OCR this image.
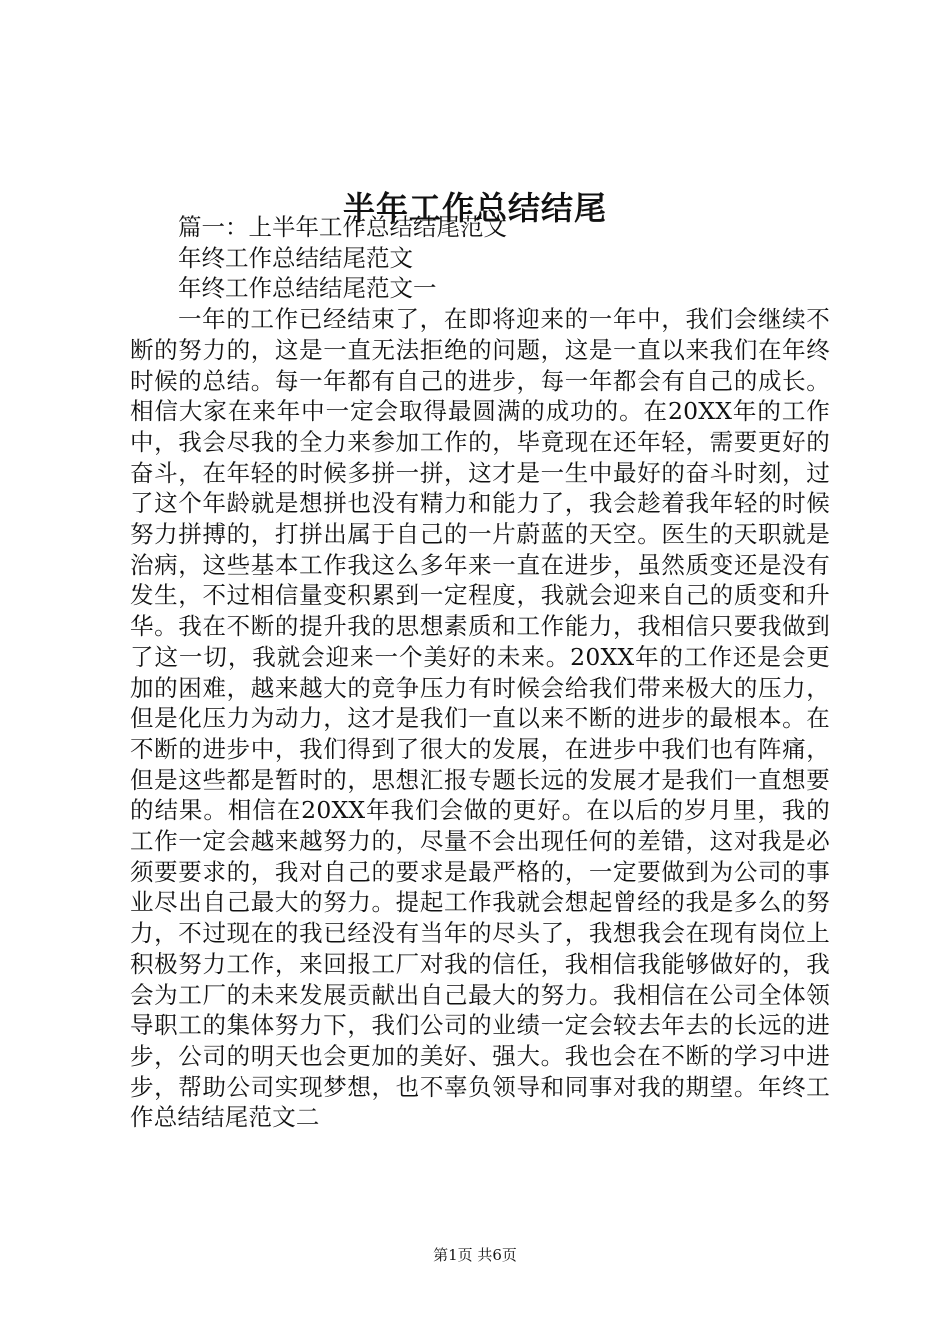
半年工作总结结尾
篇一：上半年工作总结结尾范文
年终工作总结结尾范文
年终工作总结结尾范文一
一年的工作已经结束了，在即将迎来的一年中，我们会继续不断的努力的，这是一直无法拒绝的问题，这是一直以来我们在年终时候的总结。每一年都有自己的进步，每一年都会有自己的成长。相信大家在来年中一定会取得最圆满的成功的。在20XX年的工作中，我会尽我的全力来参加工作的，毕竟现在还年轻，需要更好的奋斗，在年轻的时候多拼一拼，这才是一生中最好的奋斗时刻，过了这个年龄就是想拼也没有精力和能力了，我会趁着我年轻的时候努力拼搏的，打拼出属于自己的一片蔚蓝的天空。医生的天职就是治病，这些基本工作我这么多年来一直在进步，虽然质变还是没有发生，不过相信量变积累到一定程度，我就会迎来自己的质变和升华。我在不断的提升我的思想素质和工作能力，我相信只要我做到了这一切，我就会迎来一个美好的未来。20XX年的工作还是会更加的困难，越来越大的竞争压力有时候会给我们带来极大的压力，但是化压力为动力，这才是我们一直以来不断的进步的最根本。在不断的进步中，我们得到了很大的发展，在进步中我们也有阵痛，但是这些都是暂时的，思想汇报专题长远的发展才是我们一直想要的结果。相信在20XX年我们会做的更好。在以后的岁月里，我的工作一定会越来越努力的，尽量不会出现任何的差错，这对我是必须要要求的，我对自己的要求是最严格的，一定要做到为公司的事业尽出自己最大的努力。提起工作我就会想起曾经的我是多么的努力，不过现在的我已经没有当年的尽头了，我想我会在现有岗位上积极努力工作，来回报工厂对我的信任，我相信我能够做好的，我会为工厂的未来发展贡献出自己最大的努力。我相信在公司全体领导职工的集体努力下，我们公司的业绩一定会较去年去的长远的进步，公司的明天也会更加的美好、强大。我也会在不断的学习中进步，帮助公司实现梦想，也不辜负领导和同事对我的期望。年终工作总结结尾范文二
第1页 共6页
